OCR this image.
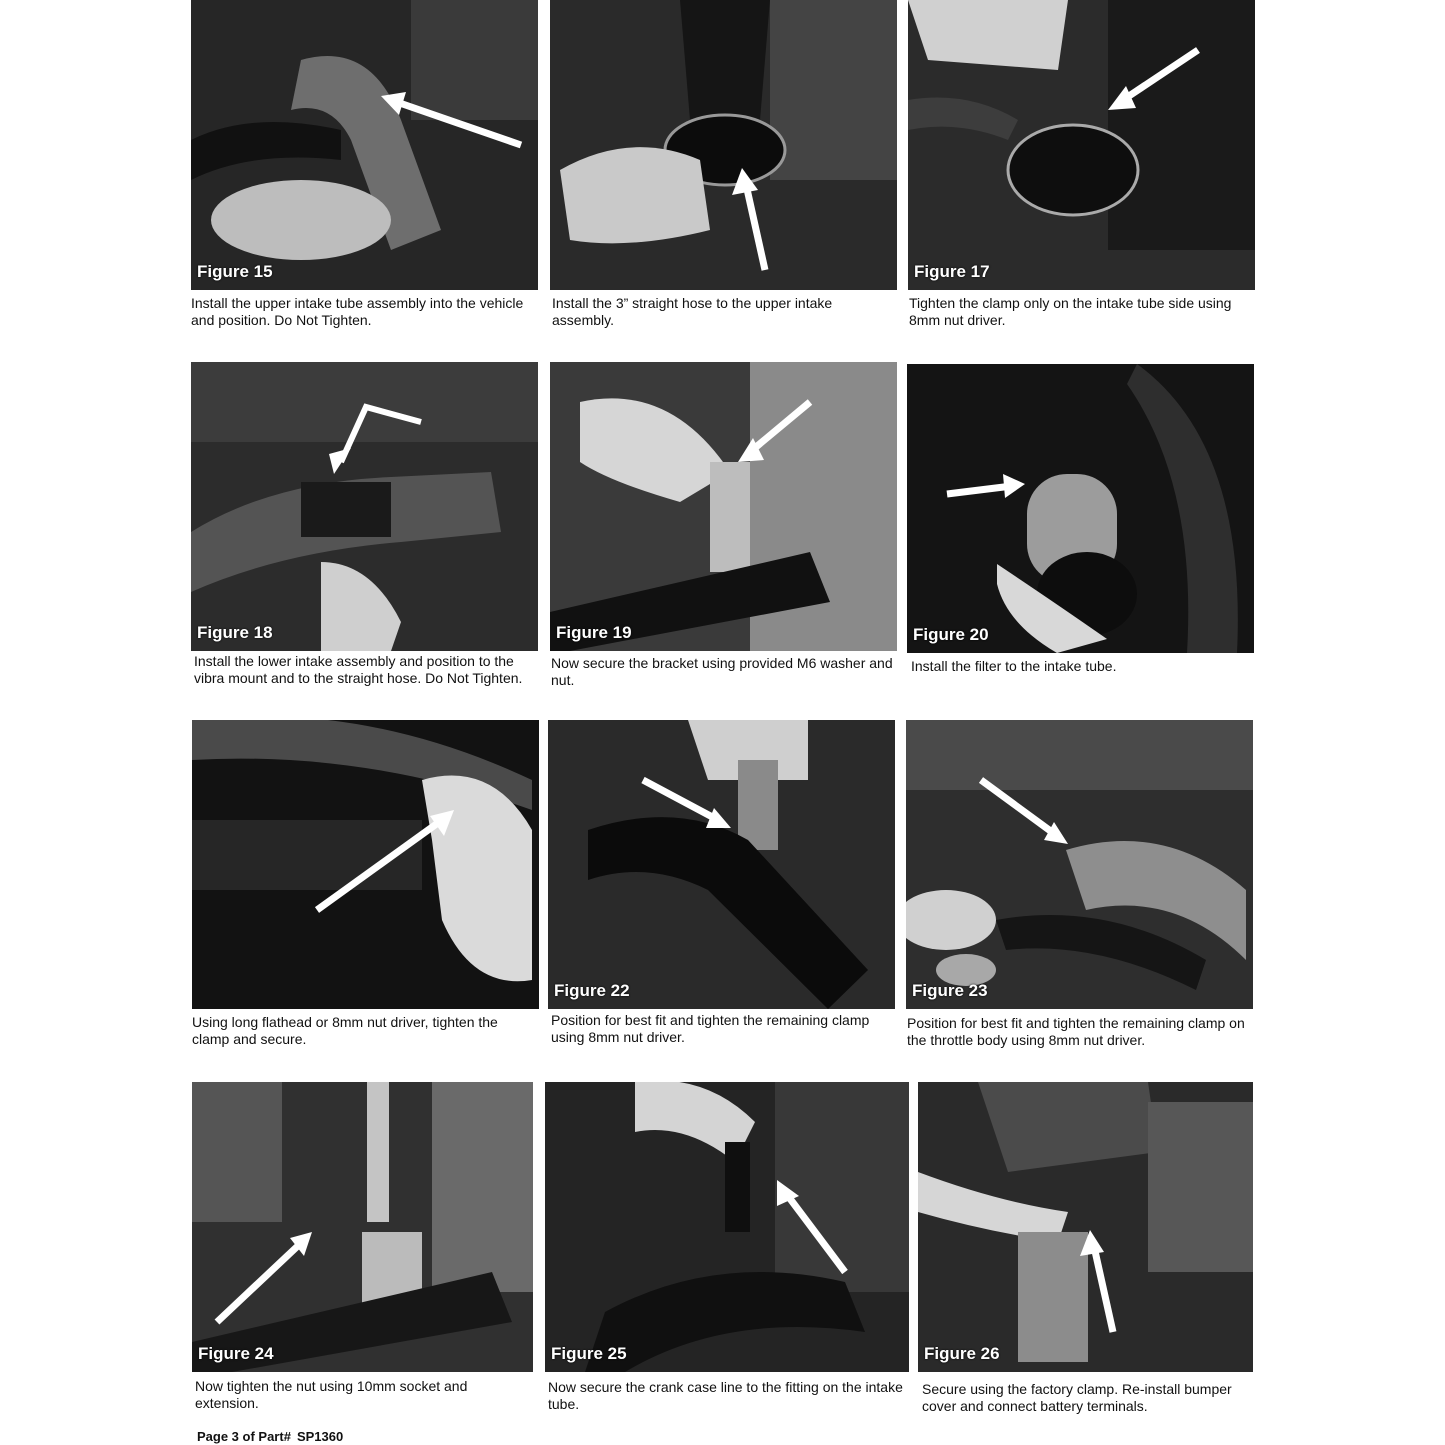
Figure 15
Install the upper intake tube assembly into the vehicle and position. Do Not Tighten.
Install the 3” straight hose to the upper intake assembly.
Figure 17
Tighten the clamp only on the intake tube side using 8mm nut driver.
Figure 18
Install the lower intake assembly and position to the vibra mount and to the straight hose. Do Not Tighten.
Figure 19
Now secure the bracket using provided M6 washer and nut.
Figure 20
Install the filter to the intake tube.
Using long flathead or 8mm nut driver, tighten the clamp and secure.
Figure 22
Position for best fit and tighten the remaining clamp using 8mm nut driver.
Figure 23
Position for best fit and tighten the remaining clamp on the throttle body using 8mm nut driver.
Figure 24
Now tighten the nut using 10mm socket and extension.
Figure 25
Now secure the crank case line to the fitting on the intake tube.
Figure 26
Secure using the factory clamp. Re-install bumper cover and connect battery terminals.
Page 3 of Part# SP1360
